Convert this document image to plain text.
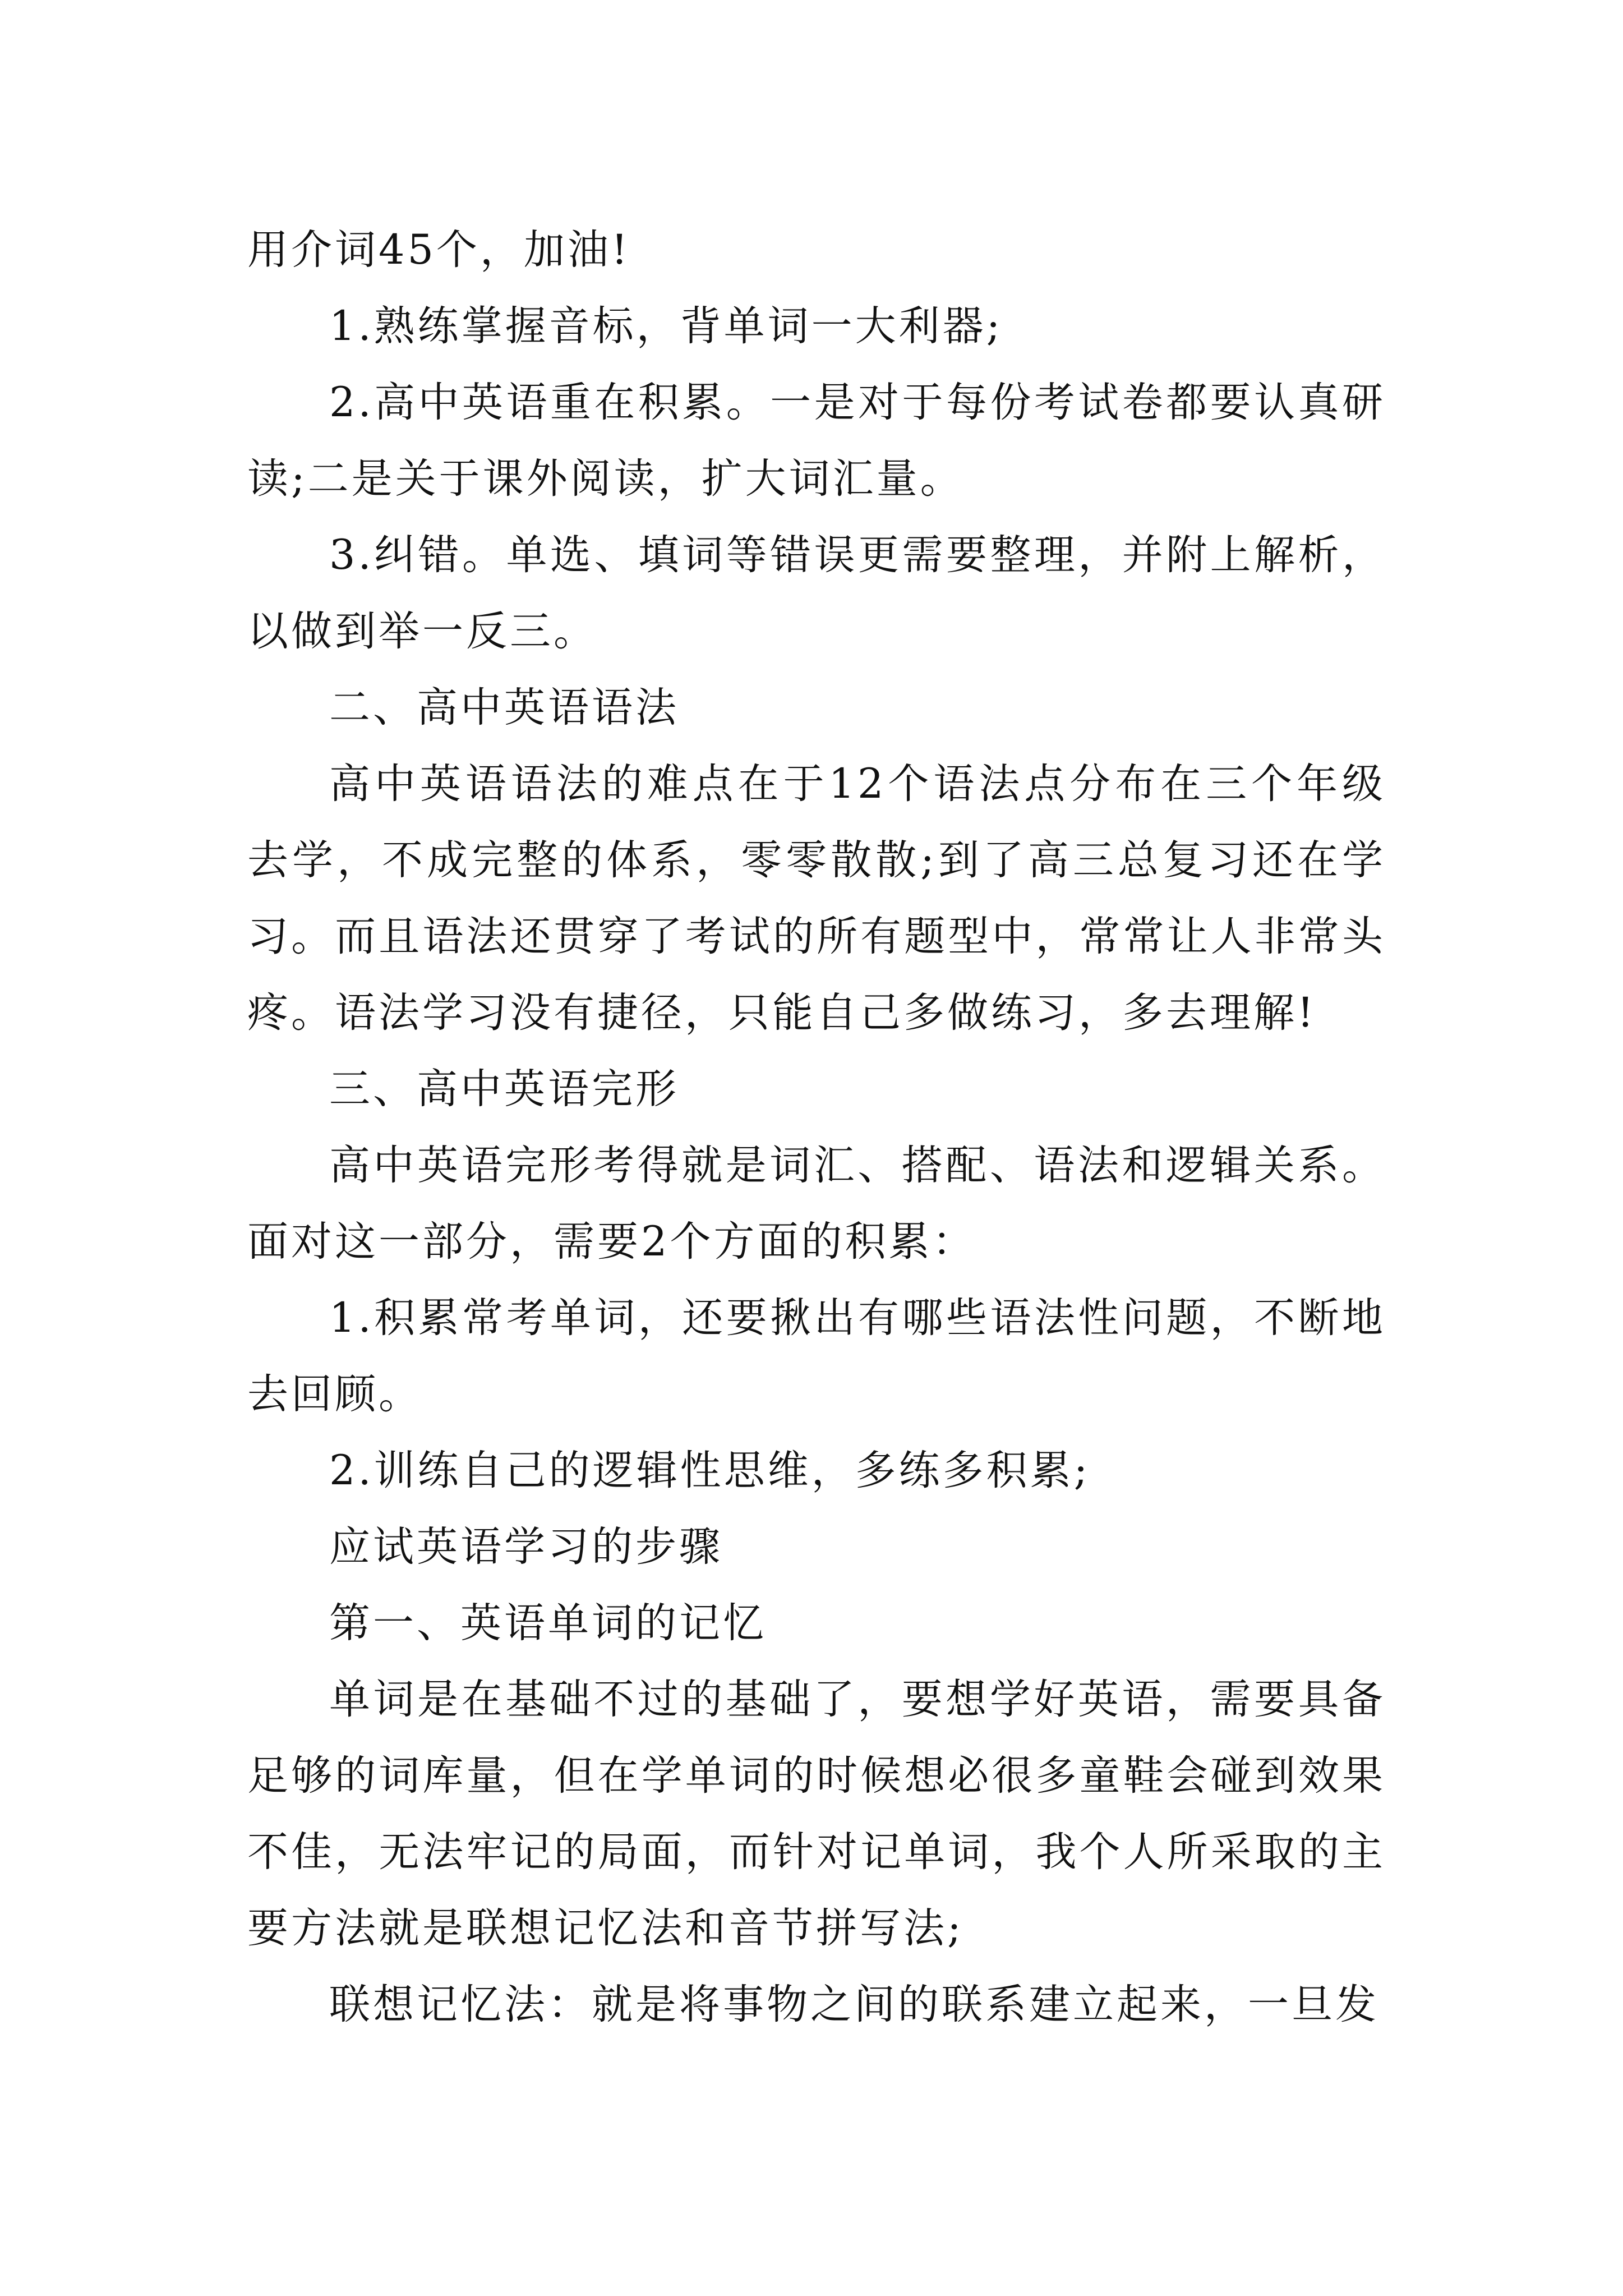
用介词45个，加油!

1.熟练掌握音标，背单词一大利器;

2.高中英语重在积累。一是对于每份考试卷都要认真研读;二是关于课外阅读，扩大词汇量。

3.纠错。单选、填词等错误更需要整理，并附上解析，以做到举一反三。

二、高中英语语法

高中英语语法的难点在于12个语法点分布在三个年级去学，不成完整的体系，零零散散;到了高三总复习还在学习。而且语法还贯穿了考试的所有题型中，常常让人非常头疼。语法学习没有捷径，只能自己多做练习，多去理解!

三、高中英语完形

高中英语完形考得就是词汇、搭配、语法和逻辑关系。面对这一部分，需要2个方面的积累：

1.积累常考单词，还要揪出有哪些语法性问题，不断地去回顾。

2.训练自己的逻辑性思维，多练多积累;

应试英语学习的步骤

第一、英语单词的记忆

单词是在基础不过的基础了，要想学好英语，需要具备足够的词库量，但在学单词的时候想必很多童鞋会碰到效果不佳，无法牢记的局面，而针对记单词，我个人所采取的主要方法就是联想记忆法和音节拼写法;

联想记忆法：就是将事物之间的联系建立起来，一旦发
